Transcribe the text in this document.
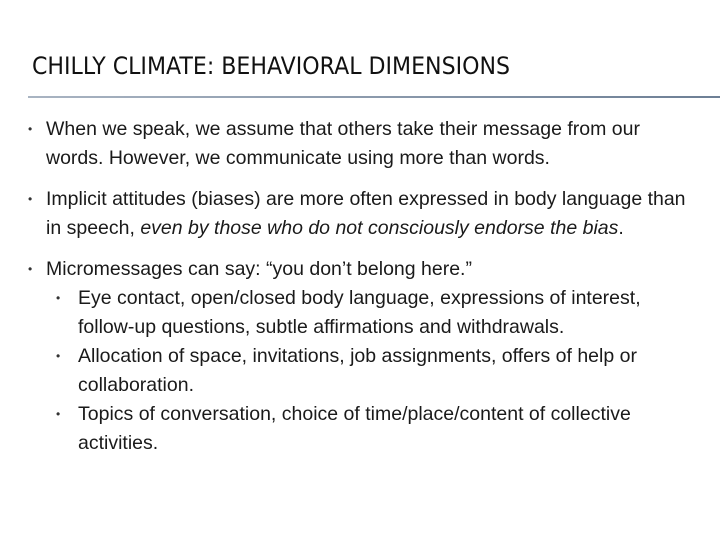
CHILLY CLIMATE: BEHAVIORAL DIMENSIONS
• When we speak, we assume that others take their message from our words. However, we communicate using more than words.
• Implicit attitudes (biases) are more often expressed in body language than in speech, even by those who do not consciously endorse the bias.
• Micromessages can say: “you don’t belong here.”
• Eye contact, open/closed body language, expressions of interest, follow-up questions, subtle affirmations and withdrawals.
• Allocation of space, invitations, job assignments, offers of help or collaboration.
• Topics of conversation, choice of time/place/content of collective activities.
